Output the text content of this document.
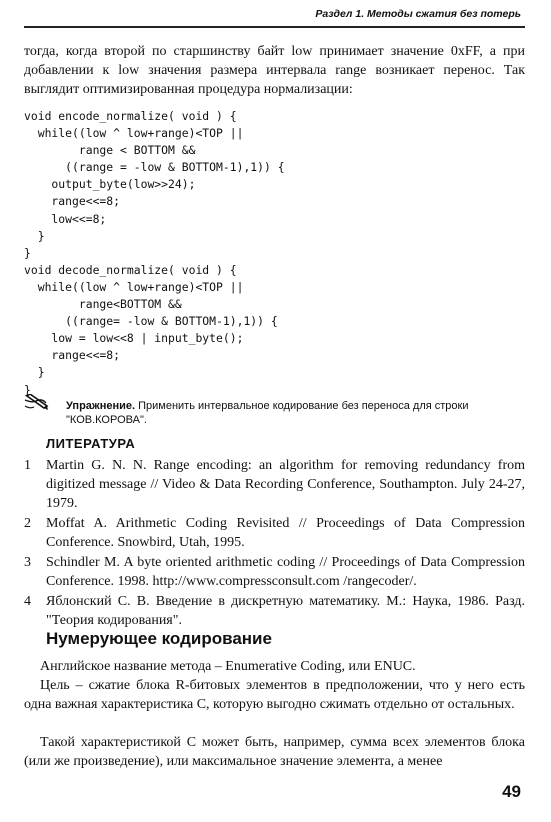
Раздел 1. Методы сжатия без потерь
тогда, когда второй по старшинству байт low принимает значение 0xFF, а при добавлении к low значения размера интервала range возникает перенос. Так выглядит оптимизированная процедура нормализации:
void encode_normalize( void ) {
while((low ^ low+range)<TOP ||
range < BOTTOM &&
((range = -low & BOTTOM-1),1)) {
output_byte(low>>24);
range<<=8;
low<<=8;
}
}
void decode_normalize( void ) {
while((low ^ low+range)<TOP ||
range<BOTTOM &&
((range= -low & BOTTOM-1),1)) {
low = low<<8 | input_byte();
range<<=8;
}
}
Упражнение. Применить интервальное кодирование без переноса для строки "КОВ.КОРОВА".
ЛИТЕРАТУРА
1 Martin G. N. N. Range encoding: an algorithm for removing redundancy from digitized message // Video & Data Recording Conference, Southampton. July 24-27, 1979.
2 Moffat A. Arithmetic Coding Revisited // Proceedings of Data Compression Conference. Snowbird, Utah, 1995.
3 Schindler M. A byte oriented arithmetic coding // Proceedings of Data Compression Conference. 1998. http://www.compressconsult.com /rangecoder/.
4 Яблонский С. В. Введение в дискретную математику. М.: Наука, 1986. Разд. "Теория кодирования".
Нумерующее кодирование
Английское название метода – Enumerative Coding, или ENUC.
Цель – сжатие блока R-битовых элементов в предположении, что у него есть одна важная характеристика C, которую выгодно сжимать отдельно от остальных.
Такой характеристикой C может быть, например, сумма всех элементов блока (или же произведение), или максимальное значение элемента, а менее
49
